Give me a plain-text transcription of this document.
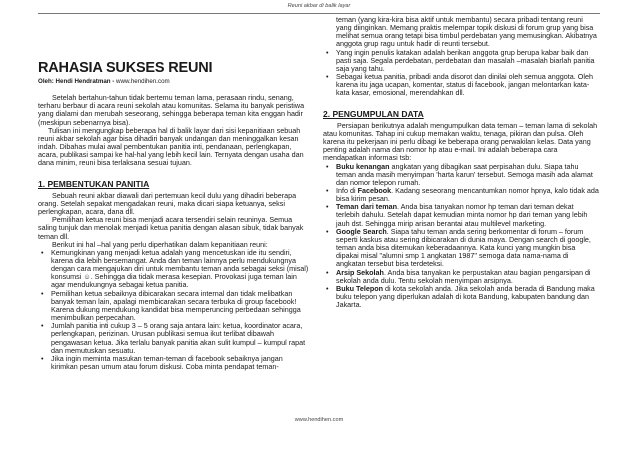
Reuni akbar di balik layar
RAHASIA SUKSES REUNI
Oleh: Hendi Hendratman - www.hendihen.com

Setelah bertahun-tahun tidak bertemu teman lama, perasaan rindu, senang, terharu berbaur di acara reuni sekolah atau komunitas. Selama itu banyak peristiwa yang dialami dan merubah seseorang, sehingga beberapa teman kita enggan hadir (meskipun sebenarnya bisa).

Tulisan ini mengungkap beberapa hal di balik layar dari sisi kepanitiaan sebuah reuni akbar sekolah agar bisa dihadiri banyak undangan dan meninggalkan kesan indah. Dibahas mulai awal pembentukan panitia inti, pendanaan, perlengkapan, acara, publikasi sampai ke hal-hal yang lebih kecil lain. Ternyata dengan usaha dan dana minim, reuni bisa terlaksana sesuai tujuan.

1. PEMBENTUKAN PANITIA

Sebuah reuni akbar diawali dari pertemuan kecil dulu yang dihadiri beberapa orang. Setelah sepakat mengadakan reuni, maka dicari siapa ketuanya, seksi perlengkapan, acara, dana dll.

Pemilihan ketua reuni bisa menjadi acara tersendiri selain reuninya. Semua saling tunjuk dan menolak menjadi ketua panitia dengan alasan sibuk, tidak banyak teman dll.

Berikut ini hal –hal yang perlu diperhatikan dalam kepanitiaan reuni:

• Kemungkinan yang menjadi ketua adalah yang mencetuskan ide itu sendiri, karena dia lebih bersemangat. Anda dan teman lainnya perlu mendukungnya dengan cara mengajukan diri untuk membantu teman anda sebagai seksi (misal) konsumsi ☺. Sehingga dia tidak merasa kesepian. Provokasi juga teman lain agar mendukungnya sebagai ketua panitia.
• Pemilihan ketua sebaiknya dibicarakan secara internal dan tidak melibatkan banyak teman lain, apalagi membicarakan secara terbuka di group facebook! Karena dukung mendukung kandidat bisa memperuncing perbedaan sehingga menimbulkan perpecahan.
• Jumlah panitia inti cukup 3 – 5 orang saja antara lain: ketua, koordinator acara, perlengkapan, perizinan. Urusan publikasi semua ikut terlibat dibawah pengawasan ketua. Jika terlalu banyak panitia akan sulit kumpul – kumpul rapat dan memutuskan sesuatu.
• Jika ingin meminta masukan teman-teman di facebook sebaiknya jangan kirimkan pesan umum atau forum diskusi. Coba minta pendapat teman-

teman (yang kira-kira bisa aktif untuk membantu) secara pribadi tentang reuni yang diinginkan. Memang praktis melempar topik diskusi di forum grup yang bisa melihat semua orang tetapi bisa timbul perdebatan yang memusingkan. Akibatnya anggota grup ragu untuk hadir di reunti tersebut.

• Yang ingin penulis katakan adalah berikan anggota grup berupa kabar baik dan pasti saja. Segala perdebatan, perdebatan dan masalah –masalah biarlah panitia saja yang tahu.
• Sebagai ketua panitia, pribadi anda disorot dan dinilai oleh semua anggota. Oleh karena itu jaga ucapan, komentar, status di facebook, jangan melontarkan kata-kata kasar, emosional, merendahkan dll.
2. PENGUMPULAN DATA

Persiapan berikutnya adalah mengumpulkan data teman – teman lama di sekolah atau komunitas. Tahap ini cukup memakan waktu, tenaga, pikiran dan pulsa. Oleh karena itu pekerjaan ini perlu dibagi ke beberapa orang perwakilan kelas. Data yang penting adalah nama dan nomor hp atau e-mail. Ini adalah beberapa cara mendapatkan informasi tsb:

• Buku kenangan angkatan yang dibagikan saat perpisahan dulu. Siapa tahu teman anda masih menyimpan 'harta karun' tersebut. Semoga masih ada alamat dan nomor telepon rumah.
• Info di Facebook. Kadang seseorang mencantumkan nomor hpnya, kalo tidak ada bisa kirim pesan.
• Teman dari teman. Anda bisa tanyakan nomor hp teman dari teman dekat terlebih dahulu. Setelah dapat kemudian minta nomor hp dari teman yang lebih jauh dst. Sehingga mirip arisan berantai atau multilevel marketing.
• Google Search. Siapa tahu teman anda sering berkomentar di forum – forum seperti kaskus atau sering dibicarakan di dunia maya. Dengan search di google, teman anda bisa ditemukan keberadaannya. Kata kunci yang mungkin bisa dipakai misal "alumni smp 1 angkatan 1987" semoga data nama-nama di angkatan tersebut bisa terdeteksi.
• Arsip Sekolah. Anda bisa tanyakan ke perpustakan atau bagian pengarsipan di sekolah anda dulu. Tentu sekolah menyimpan arsipnya.
• Buku Telepon di kota sekolah anda. Jika sekolah anda berada di Bandung maka buku telepon yang diperlukan adalah di kota Bandung, kabupaten bandung dan Jakarta.
www.hendihen.com
